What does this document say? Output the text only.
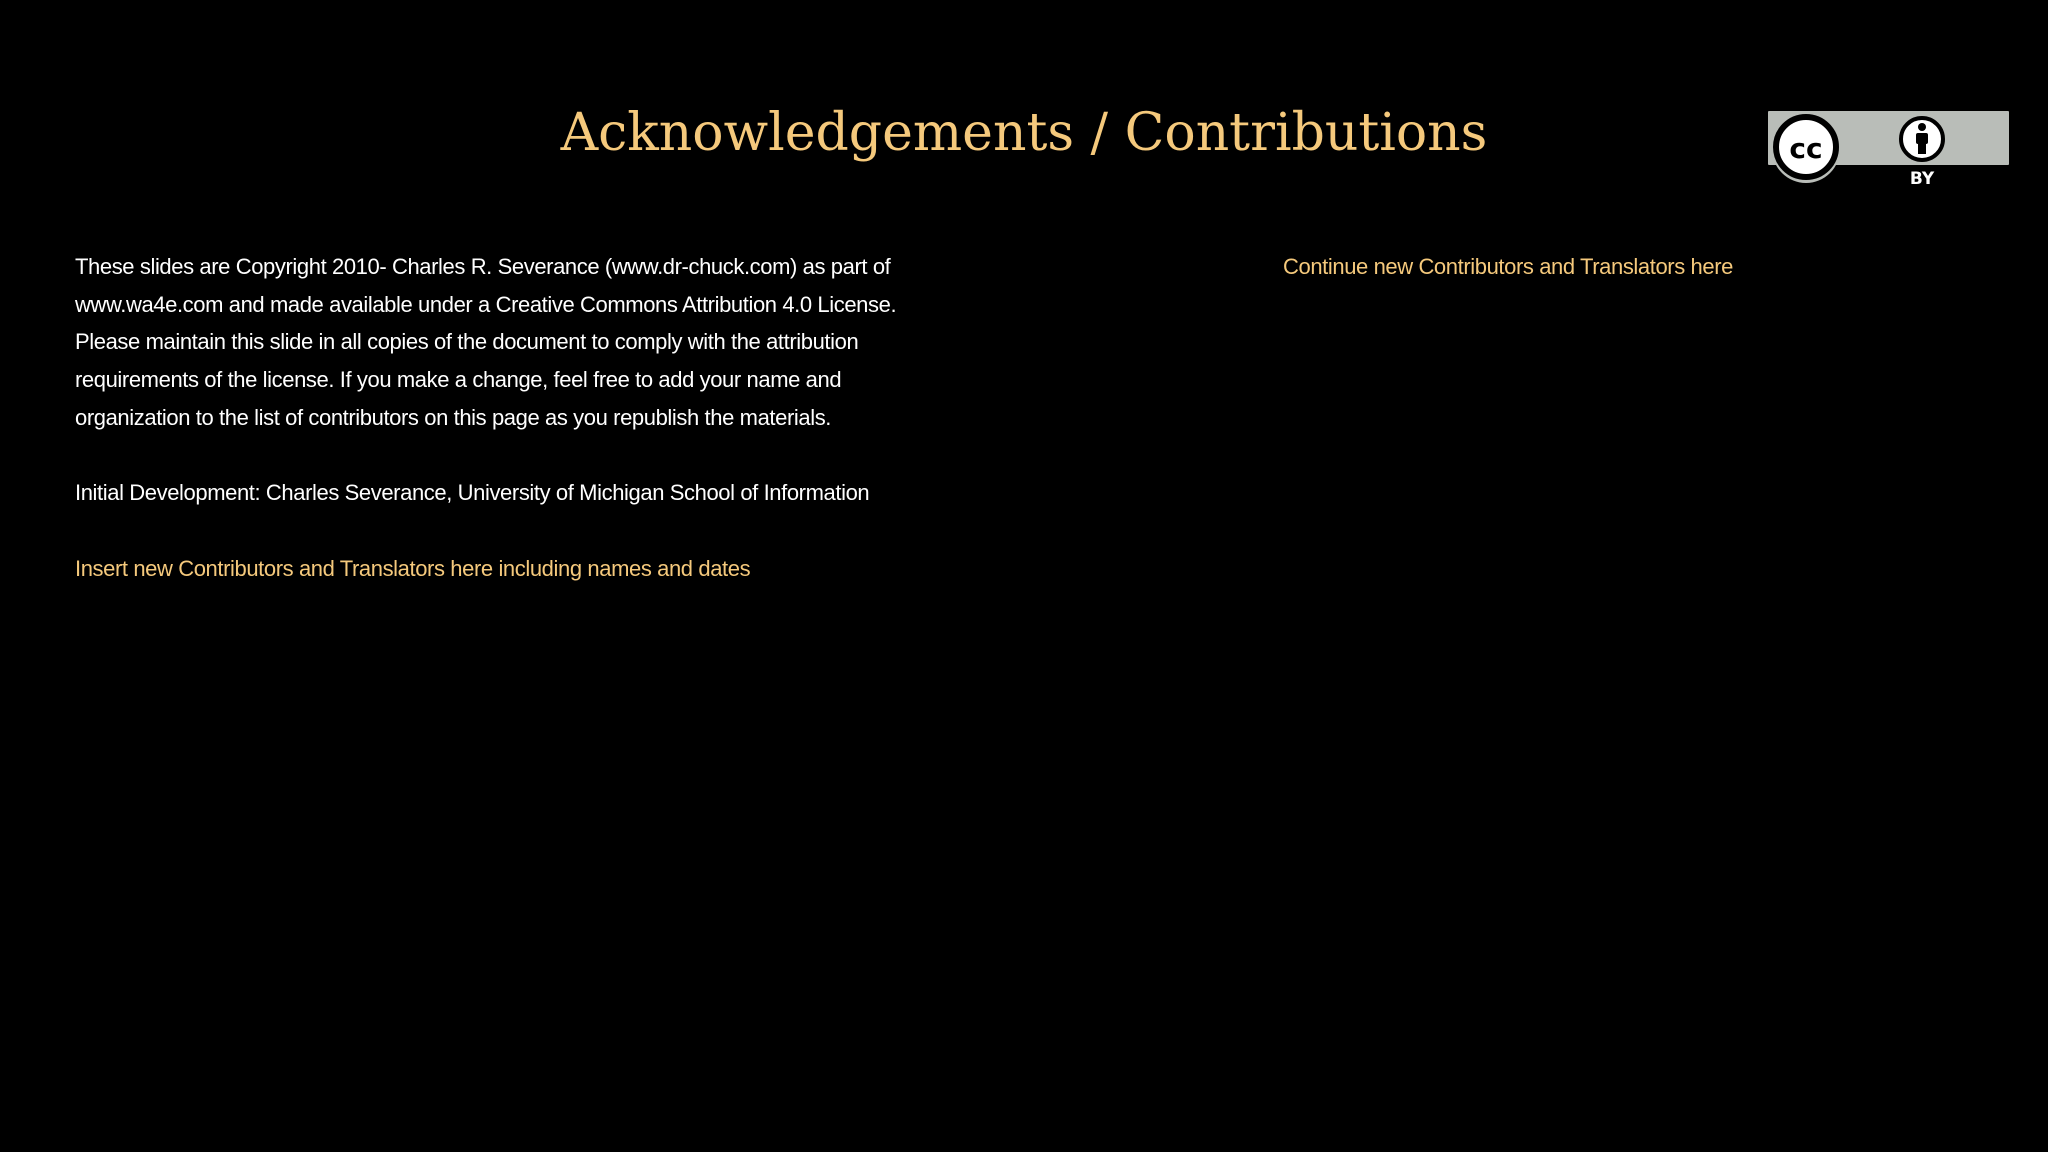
Acknowledgements / Contributions	cc
BY

These slides are Copyright 2010- Charles R. Severance (www.dr-chuck.com) as part of

www.wa4e.com and made available under a Creative Commons Attribution 4.0 License.

Please maintain this slide in all copies of the document to comply with the attribution

requirements of the license. If you make a change, feel free to add your name and

organization to the list of contributors on this page as you republish the materials.

Initial Development: Charles Severance, University of Michigan School of Information

Insert new Contributors and Translators here including names and dates

Continue new Contributors and Translators here
